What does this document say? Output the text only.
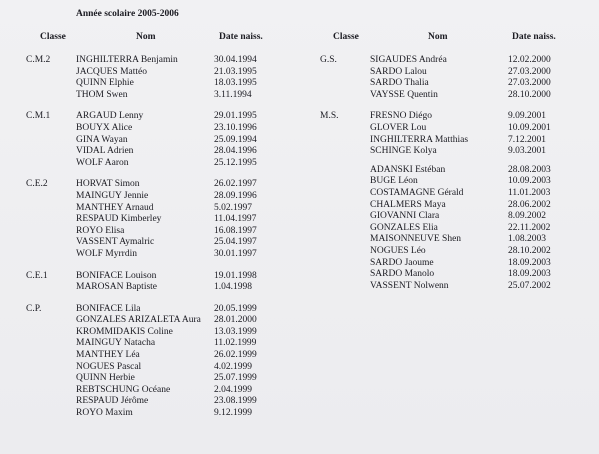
Année scolaire 2005-2006
Classe	Nom	Date naiss.	Classe	Nom	Date naiss.
C.M.2	INGHILTERRA Benjamin	30.04.1994
JACQUES Mattéo	21.03.1995
QUINN Elphie	18.03.1995
THOM Swen	3.11.1994
C.M.1	ARGAUD Lenny	29.01.1995
BOUYX Alice	23.10.1996
GINA Wayan	25.09.1994
VIDAL Adrien	28.04.1996
WOLF Aaron	25.12.1995
C.E.2	HORVAT Simon	26.02.1997
MAINGUY Jennie	28.09.1996
MANTHEY Arnaud	5.02.1997
RESPAUD Kimberley	11.04.1997
ROYO Elisa	16.08.1997
VASSENT Aymalric	25.04.1997
WOLF Myrrdin	30.01.1997
C.E.1	BONIFACE Louison	19.01.1998
MAROSAN Baptiste	1.04.1998
C.P.	BONIFACE Lila	20.05.1999
GONZALES ARIZALETA Aura 28.01.2000
KROMMIDAKIS Coline	13.03.1999
MAINGUY Natacha	11.02.1999
MANTHEY Léa	26.02.1999
NOGUES Pascal	4.02.1999
QUINN Herbie	25.07.1999
REBTSCHUNG Océane	2.04.1999
RESPAUD Jérôme	23.08.1999
ROYO Maxim	9.12.1999
G.S.	SIGAUDES Andréa	12.02.2000
SARDO Lalou	27.03.2000
SARDO Thalia	27.03.2000
VAYSSE Quentin	28.10.2000
M.S.	FRESNO Diégo	9.09.2001
GLOVER Lou	10.09.2001
INGHILTERRA Matthias	7.12.2001
SCHINGE Kolya	9.03.2001
ADANSKI Estéban	28.08.2003
BUGE Léon	10.09.2003
COSTAMAGNE Gérald	11.01.2003
CHALMERS Maya	28.06.2002
GIOVANNI Clara	8.09.2002
GONZALES Elia	22.11.2002
MAISONNEUVE Shen	1.08.2003
NOGUES Léo	28.10.2002
SARDO Jaoume	18.09.2003
SARDO Manolo	18.09.2003
VASSENT Nolwenn	25.07.2002
